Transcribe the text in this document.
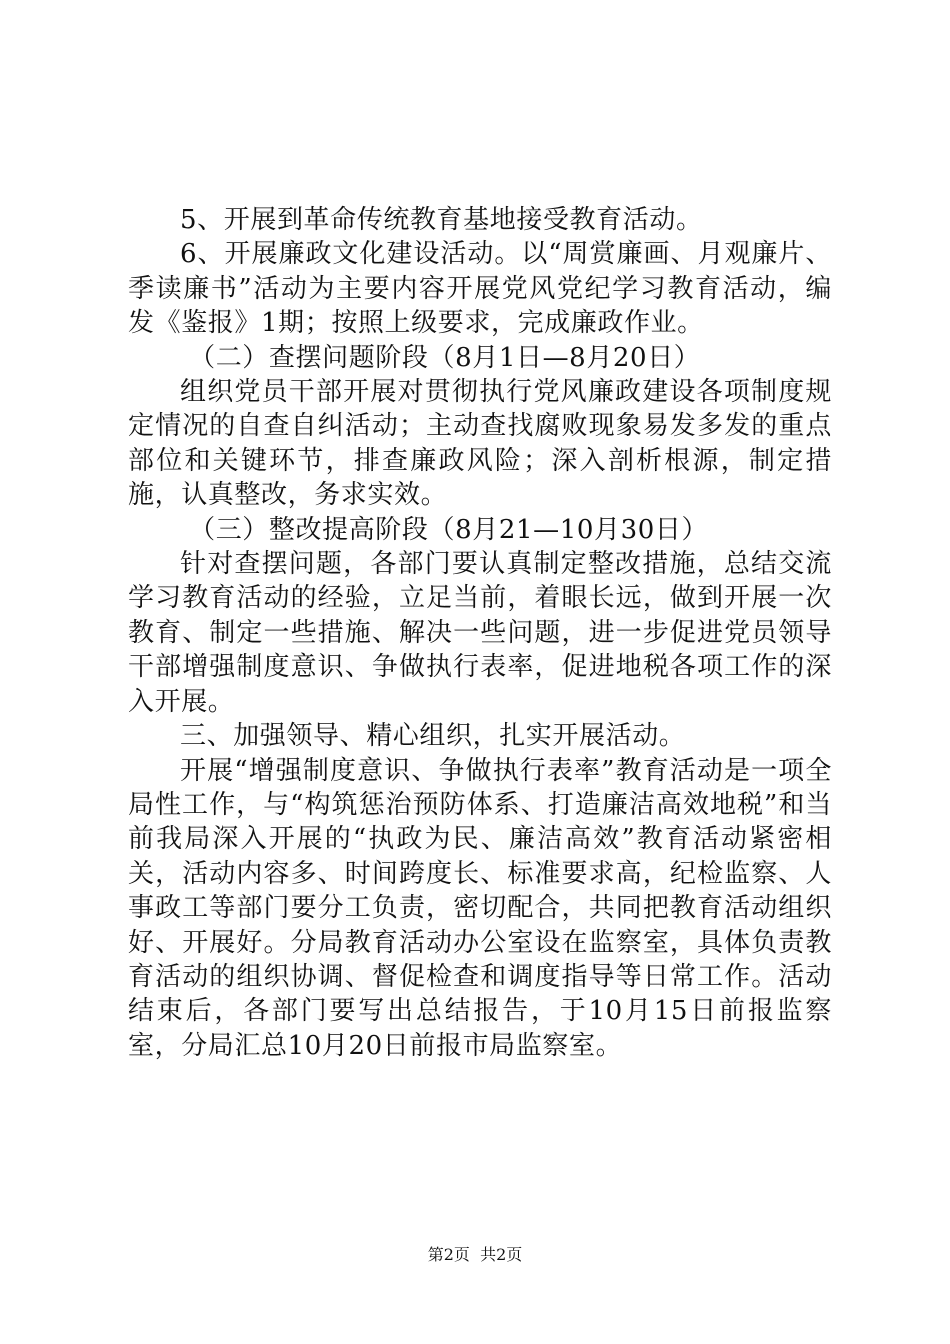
5、开展到革命传统教育基地接受教育活动。

6、开展廉政文化建设活动。以“周赏廉画、月观廉片、季读廉书”活动为主要内容开展党风党纪学习教育活动，编发《鉴报》1期；按照上级要求，完成廉政作业。

（二）查摆问题阶段（8月1日—8月20日）

组织党员干部开展对贯彻执行党风廉政建设各项制度规定情况的自查自纠活动；主动查找腐败现象易发多发的重点部位和关键环节，排查廉政风险；深入剖析根源，制定措施，认真整改，务求实效。

（三）整改提高阶段（8月21—10月30日）

针对查摆问题，各部门要认真制定整改措施，总结交流学习教育活动的经验，立足当前，着眼长远，做到开展一次教育、制定一些措施、解决一些问题，进一步促进党员领导干部增强制度意识、争做执行表率，促进地税各项工作的深入开展。

三、加强领导、精心组织，扎实开展活动。

开展“增强制度意识、争做执行表率”教育活动是一项全局性工作，与“构筑惩治预防体系、打造廉洁高效地税”和当前我局深入开展的“执政为民、廉洁高效”教育活动紧密相关，活动内容多、时间跨度长、标准要求高，纪检监察、人事政工等部门要分工负责，密切配合，共同把教育活动组织好、开展好。分局教育活动办公室设在监察室，具体负责教育活动的组织协调、督促检查和调度指导等日常工作。活动结束后，各部门要写出总结报告，于10月15日前报监察室，分局汇总10月20日前报市局监察室。

第2页  共2页
